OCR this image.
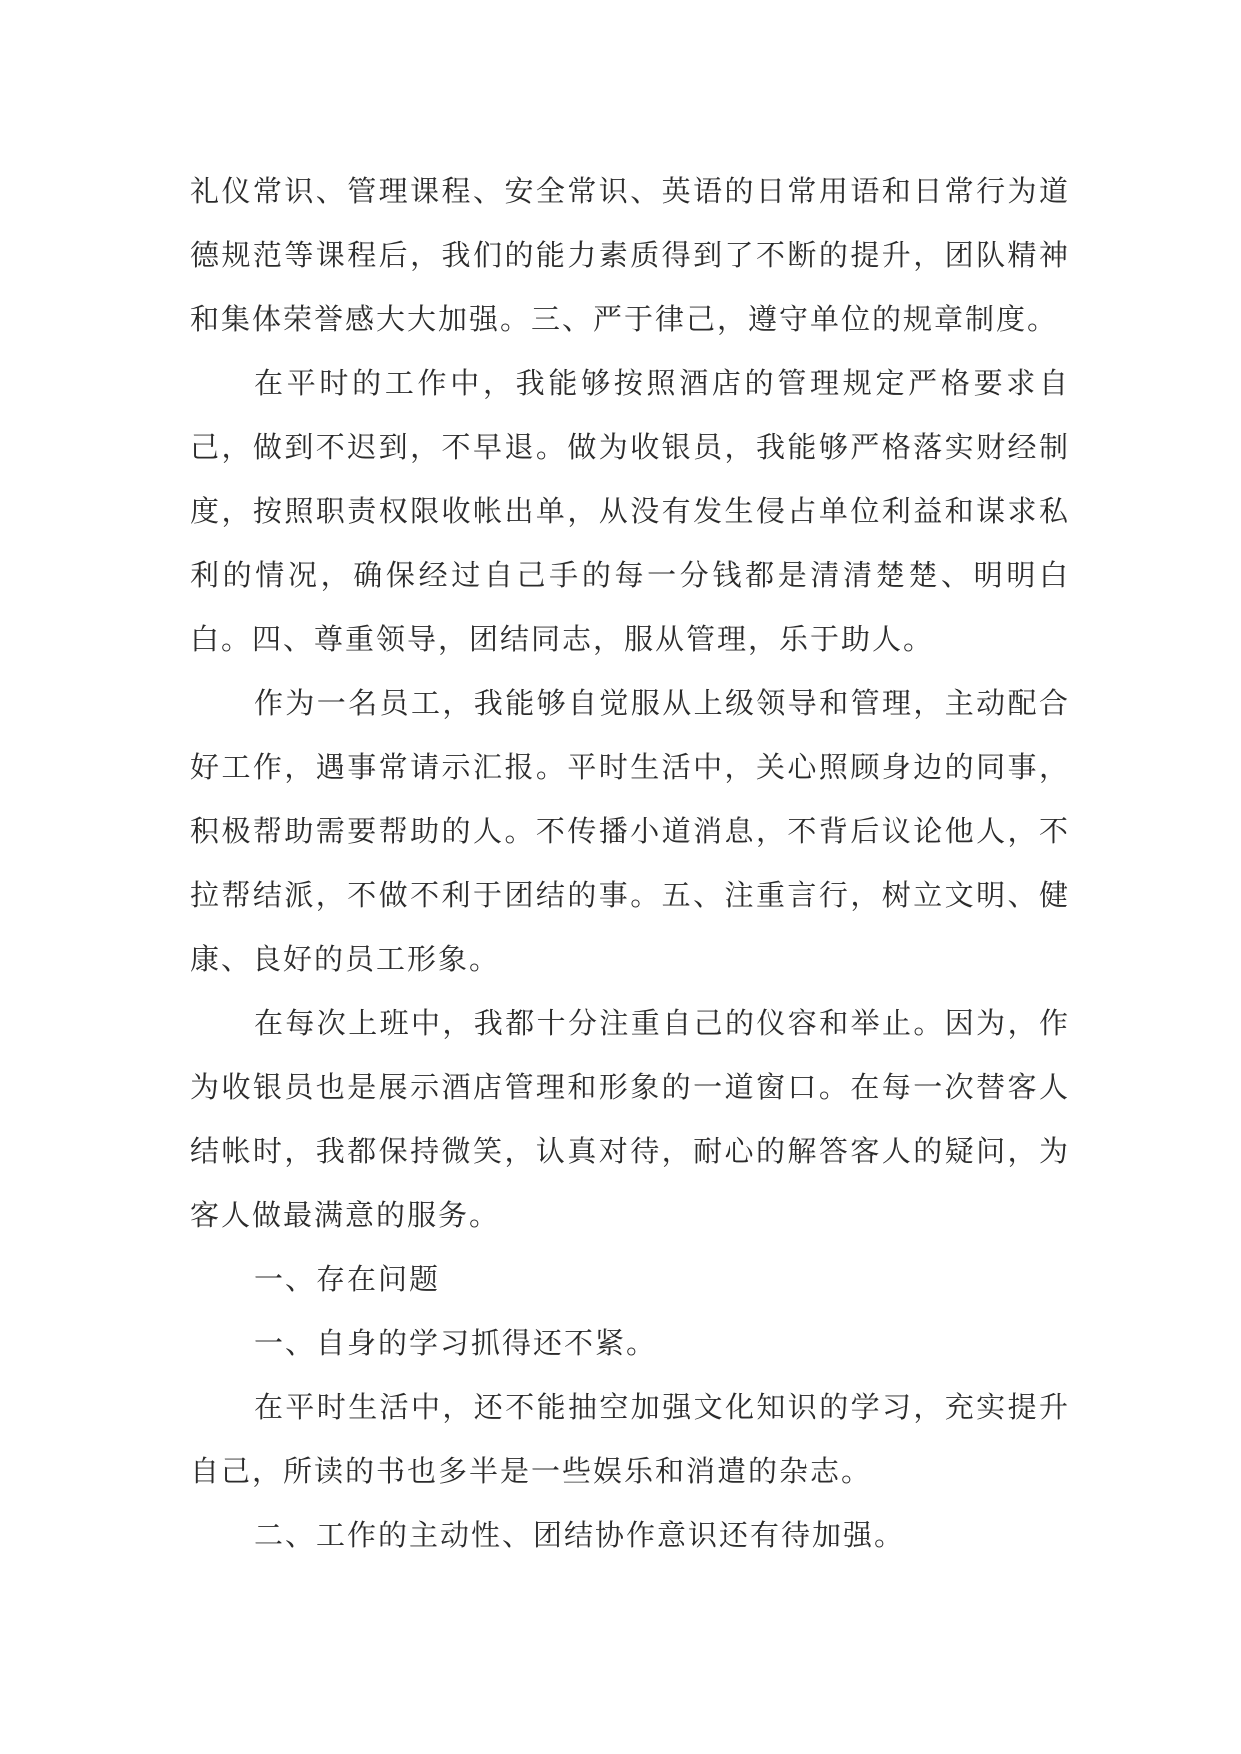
礼仪常识、管理课程、安全常识、英语的日常用语和日常行为道德规范等课程后，我们的能力素质得到了不断的提升，团队精神和集体荣誉感大大加强。三、严于律己，遵守单位的规章制度。

在平时的工作中，我能够按照酒店的管理规定严格要求自己，做到不迟到，不早退。做为收银员，我能够严格落实财经制度，按照职责权限收帐出单，从没有发生侵占单位利益和谋求私利的情况，确保经过自己手的每一分钱都是清清楚楚、明明白白。四、尊重领导，团结同志，服从管理，乐于助人。

作为一名员工，我能够自觉服从上级领导和管理，主动配合好工作，遇事常请示汇报。平时生活中，关心照顾身边的同事，积极帮助需要帮助的人。不传播小道消息，不背后议论他人，不拉帮结派，不做不利于团结的事。五、注重言行，树立文明、健康、良好的员工形象。

在每次上班中，我都十分注重自己的仪容和举止。因为，作为收银员也是展示酒店管理和形象的一道窗口。在每一次替客人结帐时，我都保持微笑，认真对待，耐心的解答客人的疑问，为客人做最满意的服务。

一、存在问题

一、自身的学习抓得还不紧。

在平时生活中，还不能抽空加强文化知识的学习，充实提升自己，所读的书也多半是一些娱乐和消遣的杂志。

二、工作的主动性、团结协作意识还有待加强。
